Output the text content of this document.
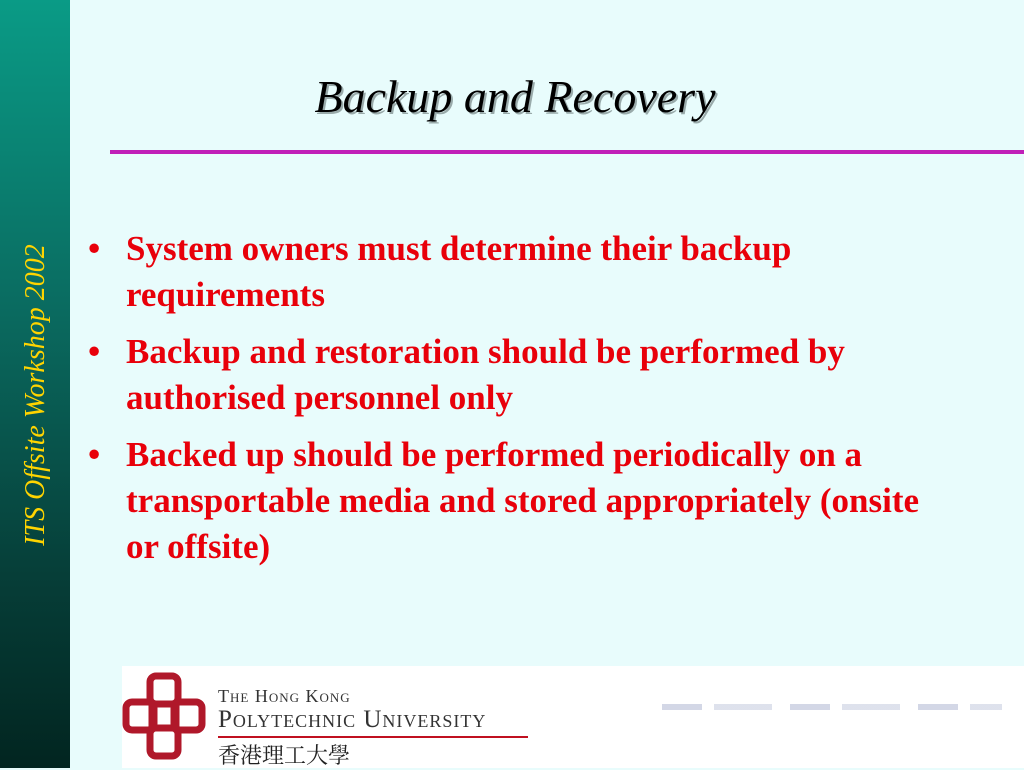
ITS Offsite Workshop 2002
Backup and Recovery
• System owners must determine their backup requirements
• Backup and restoration should be performed by authorised personnel only
• Backed up should be performed periodically on a transportable media and stored appropriately (onsite or offsite)
The Hong Kong
Polytechnic University
香港理工大學
